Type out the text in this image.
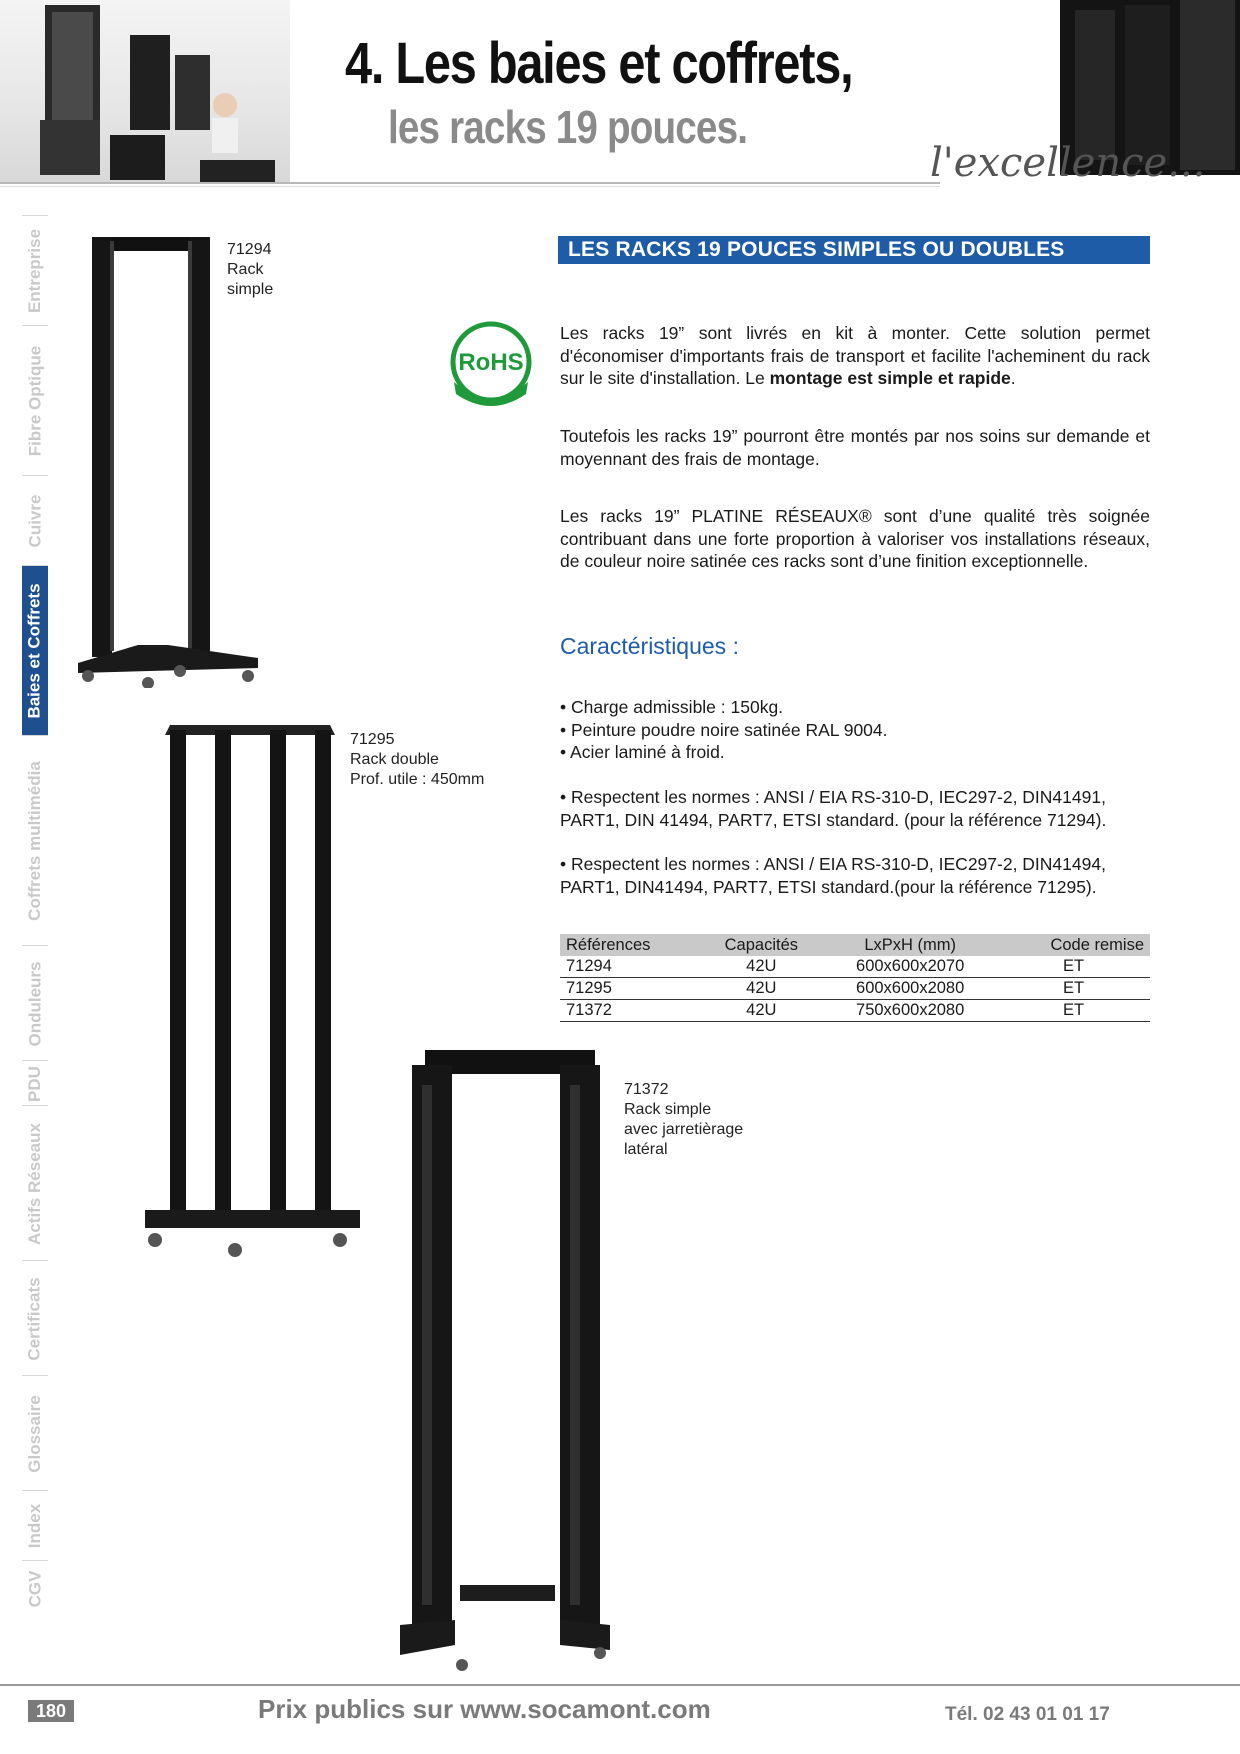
4. Les baies et coffrets,
les racks 19 pouces.
l'excellence...
Entreprise
Fibre Optique
Cuivre
Baies et Coffrets
Coffrets multimédia
Onduleurs
PDU
Actifs Réseaux
Certificats
Glossaire
Index
CGV
71294
Rack
simple
71295
Rack double
Prof. utile : 450mm
71372
Rack simple
avec jarretièrage
latéral
RoHS
LES RACKS 19 POUCES SIMPLES OU DOUBLES
Les racks 19” sont livrés en kit à monter. Cette solution permet d'économiser d'importants frais de transport et facilite l'acheminent du rack sur le site d'installation. Le montage est simple et rapide.
Toutefois les racks 19” pourront être montés par nos soins sur demande et moyennant des frais de montage.
Les racks 19” PLATINE RÉSEAUX® sont d’une qualité très soignée contribuant dans une forte proportion à valoriser vos installations réseaux, de couleur noire satinée ces racks sont d’une finition exceptionnelle.
Caractéristiques :
• Charge admissible : 150kg.
• Peinture poudre noire satinée RAL 9004.
• Acier laminé à froid.
• Respectent les normes : ANSI / EIA RS-310-D, IEC297-2, DIN41491, PART1, DIN 41494, PART7, ETSI standard. (pour la référence 71294).
• Respectent les normes : ANSI / EIA RS-310-D, IEC297-2, DIN41494, PART1, DIN41494, PART7, ETSI standard.(pour la référence 71295).
Références	Capacités	LxPxH (mm)	Code remise
71294	42U	600x600x2070	ET
71295	42U	600x600x2080	ET
71372	42U	750x600x2080	ET
180	Prix publics sur www.socamont.com	Tél. 02 43 01 01 17
